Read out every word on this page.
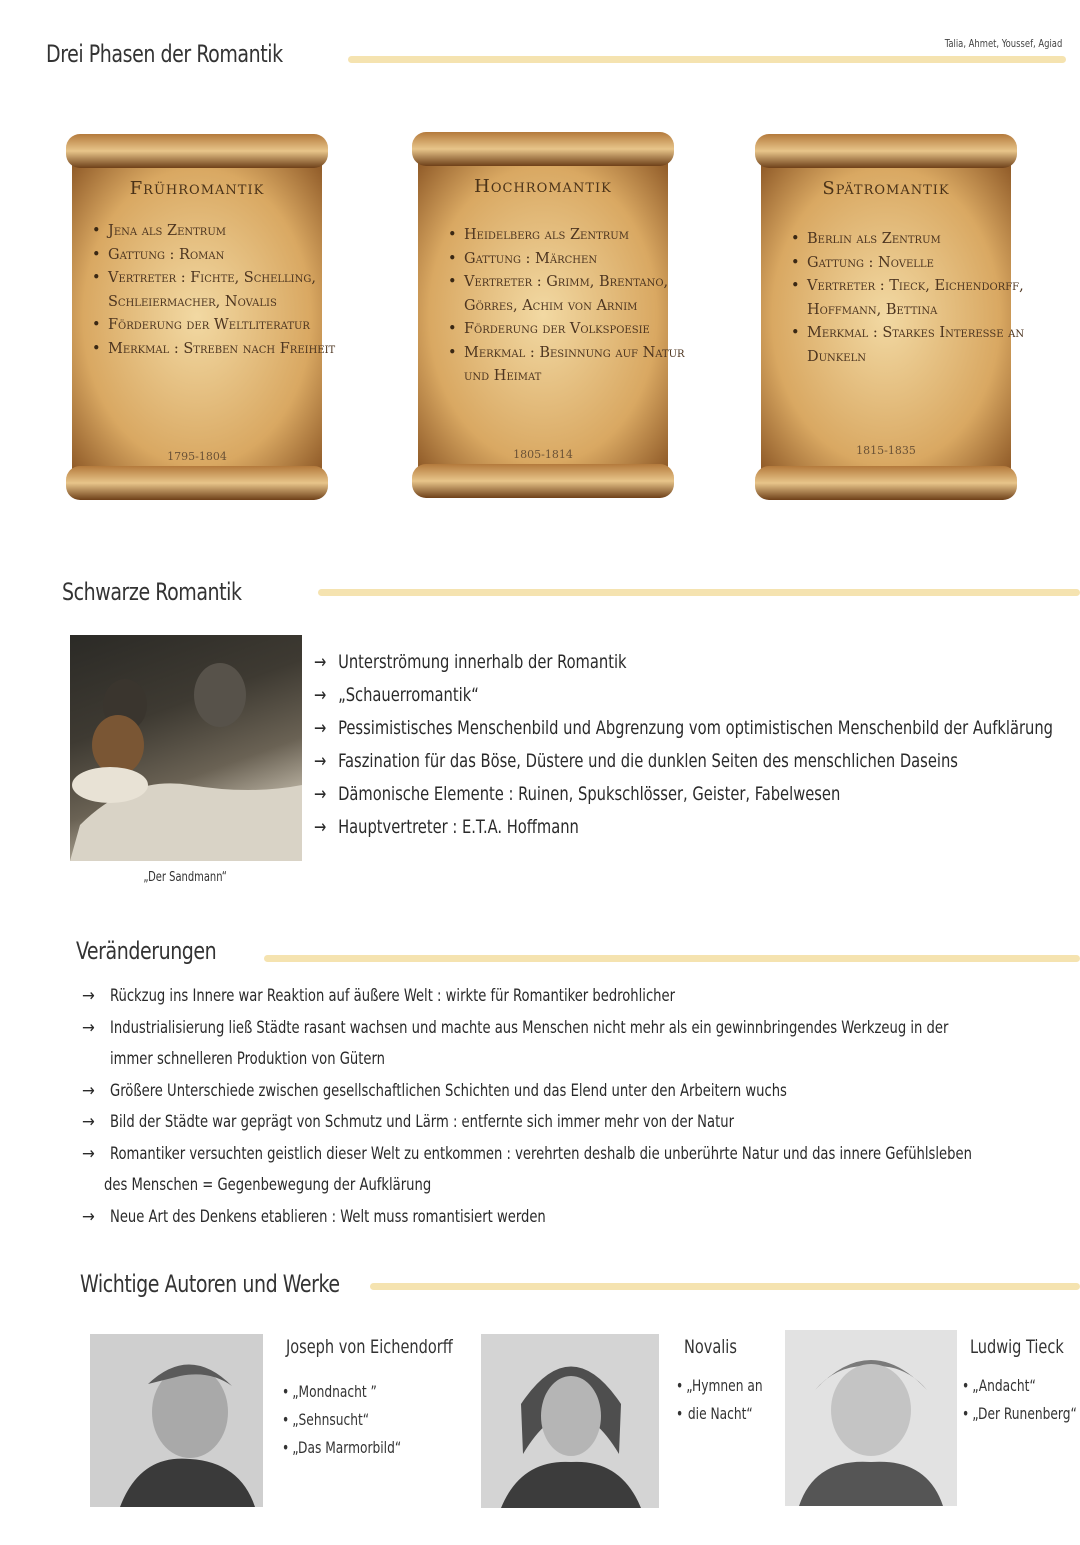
Drei Phasen der Romantik	Talia, Ahmet, Youssef, Agiad
Frühromantik
• Jena als Zentrum
• Gattung : Roman
• Vertreter : Fichte, Schelling, Schleiermacher, Novalis
• Förderung der Weltliteratur
• Merkmal : Streben nach Freiheit
1795-1804
Hochromantik
• Heidelberg als Zentrum
• Gattung : Märchen
• Vertreter : Grimm, Brentano, Görres, Achim von Arnim
• Förderung der Volkspoesie
• Merkmal : Besinnung auf Natur und Heimat
1805-1814
Spätromantik
• Berlin als Zentrum
• Gattung : Novelle
• Vertreter : Tieck, Eichendorff, Hoffmann, Bettina
• Merkmal : Starkes Interesse an Dunkeln
1815-1835
Schwarze Romantik
„Der Sandmann“
→ Unterströmung innerhalb der Romantik
→ „Schauerromantik“
→ Pessimistisches Menschenbild und Abgrenzung vom optimistischen Menschenbild der Aufklärung
→ Faszination für das Böse, Düstere und die dunklen Seiten des menschlichen Daseins
→ Dämonische Elemente : Ruinen, Spukschlösser, Geister, Fabelwesen
→ Hauptvertreter : E.T.A. Hoffmann
Veränderungen
→ Rückzug ins Innere war Reaktion auf äußere Welt : wirkte für Romantiker bedrohlicher
→ Industrialisierung ließ Städte rasant wachsen und machte aus Menschen nicht mehr als ein gewinnbringendes Werkzeug in der
immer schnelleren Produktion von Gütern
→ Größere Unterschiede zwischen gesellschaftlichen Schichten und das Elend unter den Arbeitern wuchs
→ Bild der Städte war geprägt von Schmutz und Lärm : entfernte sich immer mehr von der Natur
→ Romantiker versuchten geistlich dieser Welt zu entkommen : verehrten deshalb die unberührte Natur und das innere Gefühlsleben
des Menschen = Gegenbewegung der Aufklärung
→ Neue Art des Denkens etablieren : Welt muss romantisiert werden
Wichtige Autoren und Werke
Joseph von Eichendorff
• „Mondnacht ”
• „Sehnsucht“
• „Das Marmorbild“
Novalis
• „Hymnen an
• die Nacht“
Ludwig Tieck
• „Andacht“
• „Der Runenberg“
